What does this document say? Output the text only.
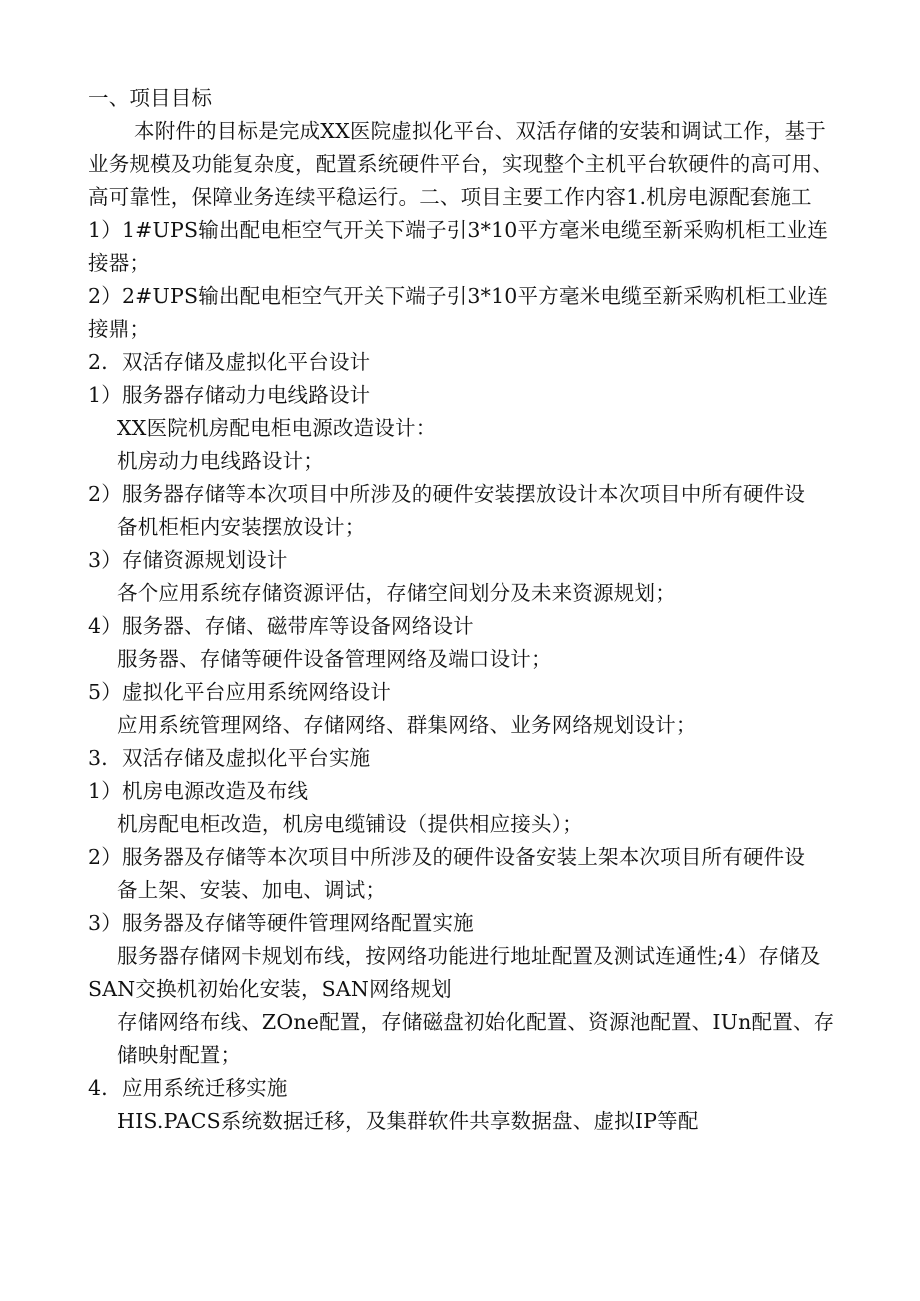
一、项目目标
本附件的目标是完成XX医院虚拟化平台、双活存储的安装和调试工作，基于
业务规模及功能复杂度，配置系统硬件平台，实现整个主机平台软硬件的高可用、
高可靠性，保障业务连续平稳运行。二、项目主要工作内容1.机房电源配套施工
1）1#UPS输出配电柜空气开关下端子引3*10平方毫米电缆至新采购机柜工业连
接器；
2）2#UPS输出配电柜空气开关下端子引3*10平方毫米电缆至新采购机柜工业连
接鼎；
2．双活存储及虚拟化平台设计
1）服务器存储动力电线路设计
XX医院机房配电柜电源改造设计：
机房动力电线路设计；
2）服务器存储等本次项目中所涉及的硬件安装摆放设计本次项目中所有硬件设
备机柜柜内安装摆放设计；
3）存储资源规划设计
各个应用系统存储资源评估，存储空间划分及未来资源规划；
4）服务器、存储、磁带库等设备网络设计
服务器、存储等硬件设备管理网络及端口设计；
5）虚拟化平台应用系统网络设计
应用系统管理网络、存储网络、群集网络、业务网络规划设计；
3．双活存储及虚拟化平台实施
1）机房电源改造及布线
机房配电柜改造，机房电缆铺设（提供相应接头）；
2）服务器及存储等本次项目中所涉及的硬件设备安装上架本次项目所有硬件设
备上架、安装、加电、调试；
3）服务器及存储等硬件管理网络配置实施
服务器存储网卡规划布线，按网络功能进行地址配置及测试连通性;4）存储及
SAN交换机初始化安装，SAN网络规划
存储网络布线、ZOne配置，存储磁盘初始化配置、资源池配置、IUn配置、存
储映射配置；
4．应用系统迁移实施
HIS.PACS系统数据迁移，及集群软件共享数据盘、虚拟IP等配
